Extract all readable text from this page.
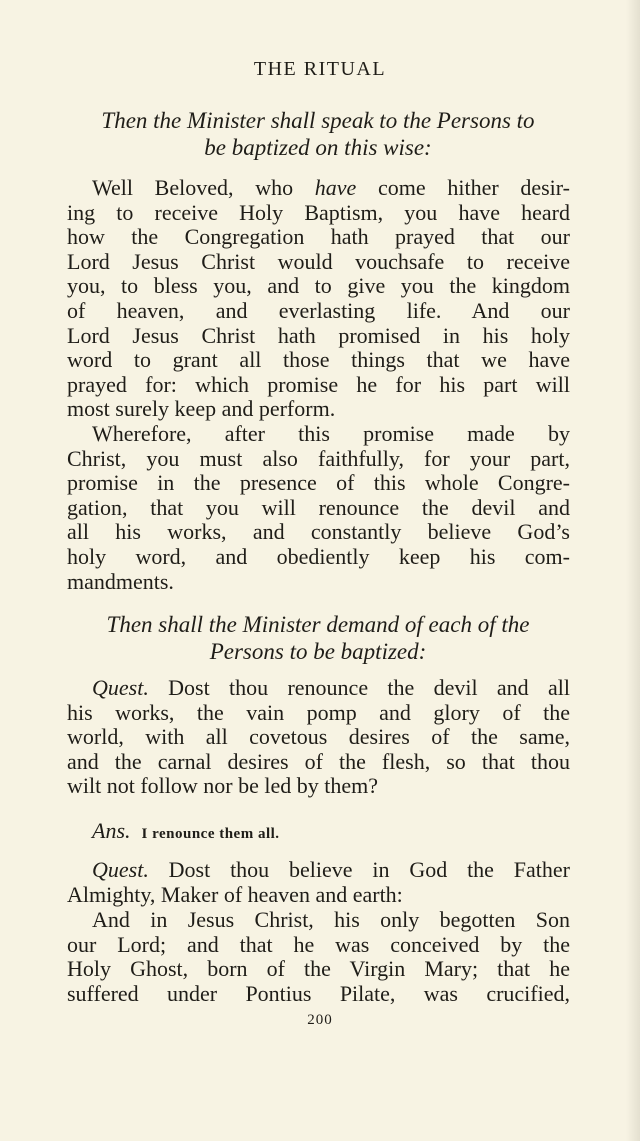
THE RITUAL
Then the Minister shall speak to the Persons to
be baptized on this wise:
Well Beloved, who have come hither desir-
ing to receive Holy Baptism, you have heard
how the Congregation hath prayed that our
Lord Jesus Christ would vouchsafe to receive
you, to bless you, and to give you the kingdom
of heaven, and everlasting life. And our
Lord Jesus Christ hath promised in his holy
word to grant all those things that we have
prayed for: which promise he for his part will
most surely keep and perform.
Wherefore, after this promise made by
Christ, you must also faithfully, for your part,
promise in the presence of this whole Congre-
gation, that you will renounce the devil and
all his works, and constantly believe God’s
holy word, and obediently keep his com-
mandments.
Then shall the Minister demand of each of the
Persons to be baptized:
Quest. Dost thou renounce the devil and all
his works, the vain pomp and glory of the
world, with all covetous desires of the same,
and the carnal desires of the flesh, so that thou
wilt not follow nor be led by them?
Ans. I renounce them all.
Quest. Dost thou believe in God the Father
Almighty, Maker of heaven and earth:
And in Jesus Christ, his only begotten Son
our Lord; and that he was conceived by the
Holy Ghost, born of the Virgin Mary; that he
suffered under Pontius Pilate, was crucified,
200
